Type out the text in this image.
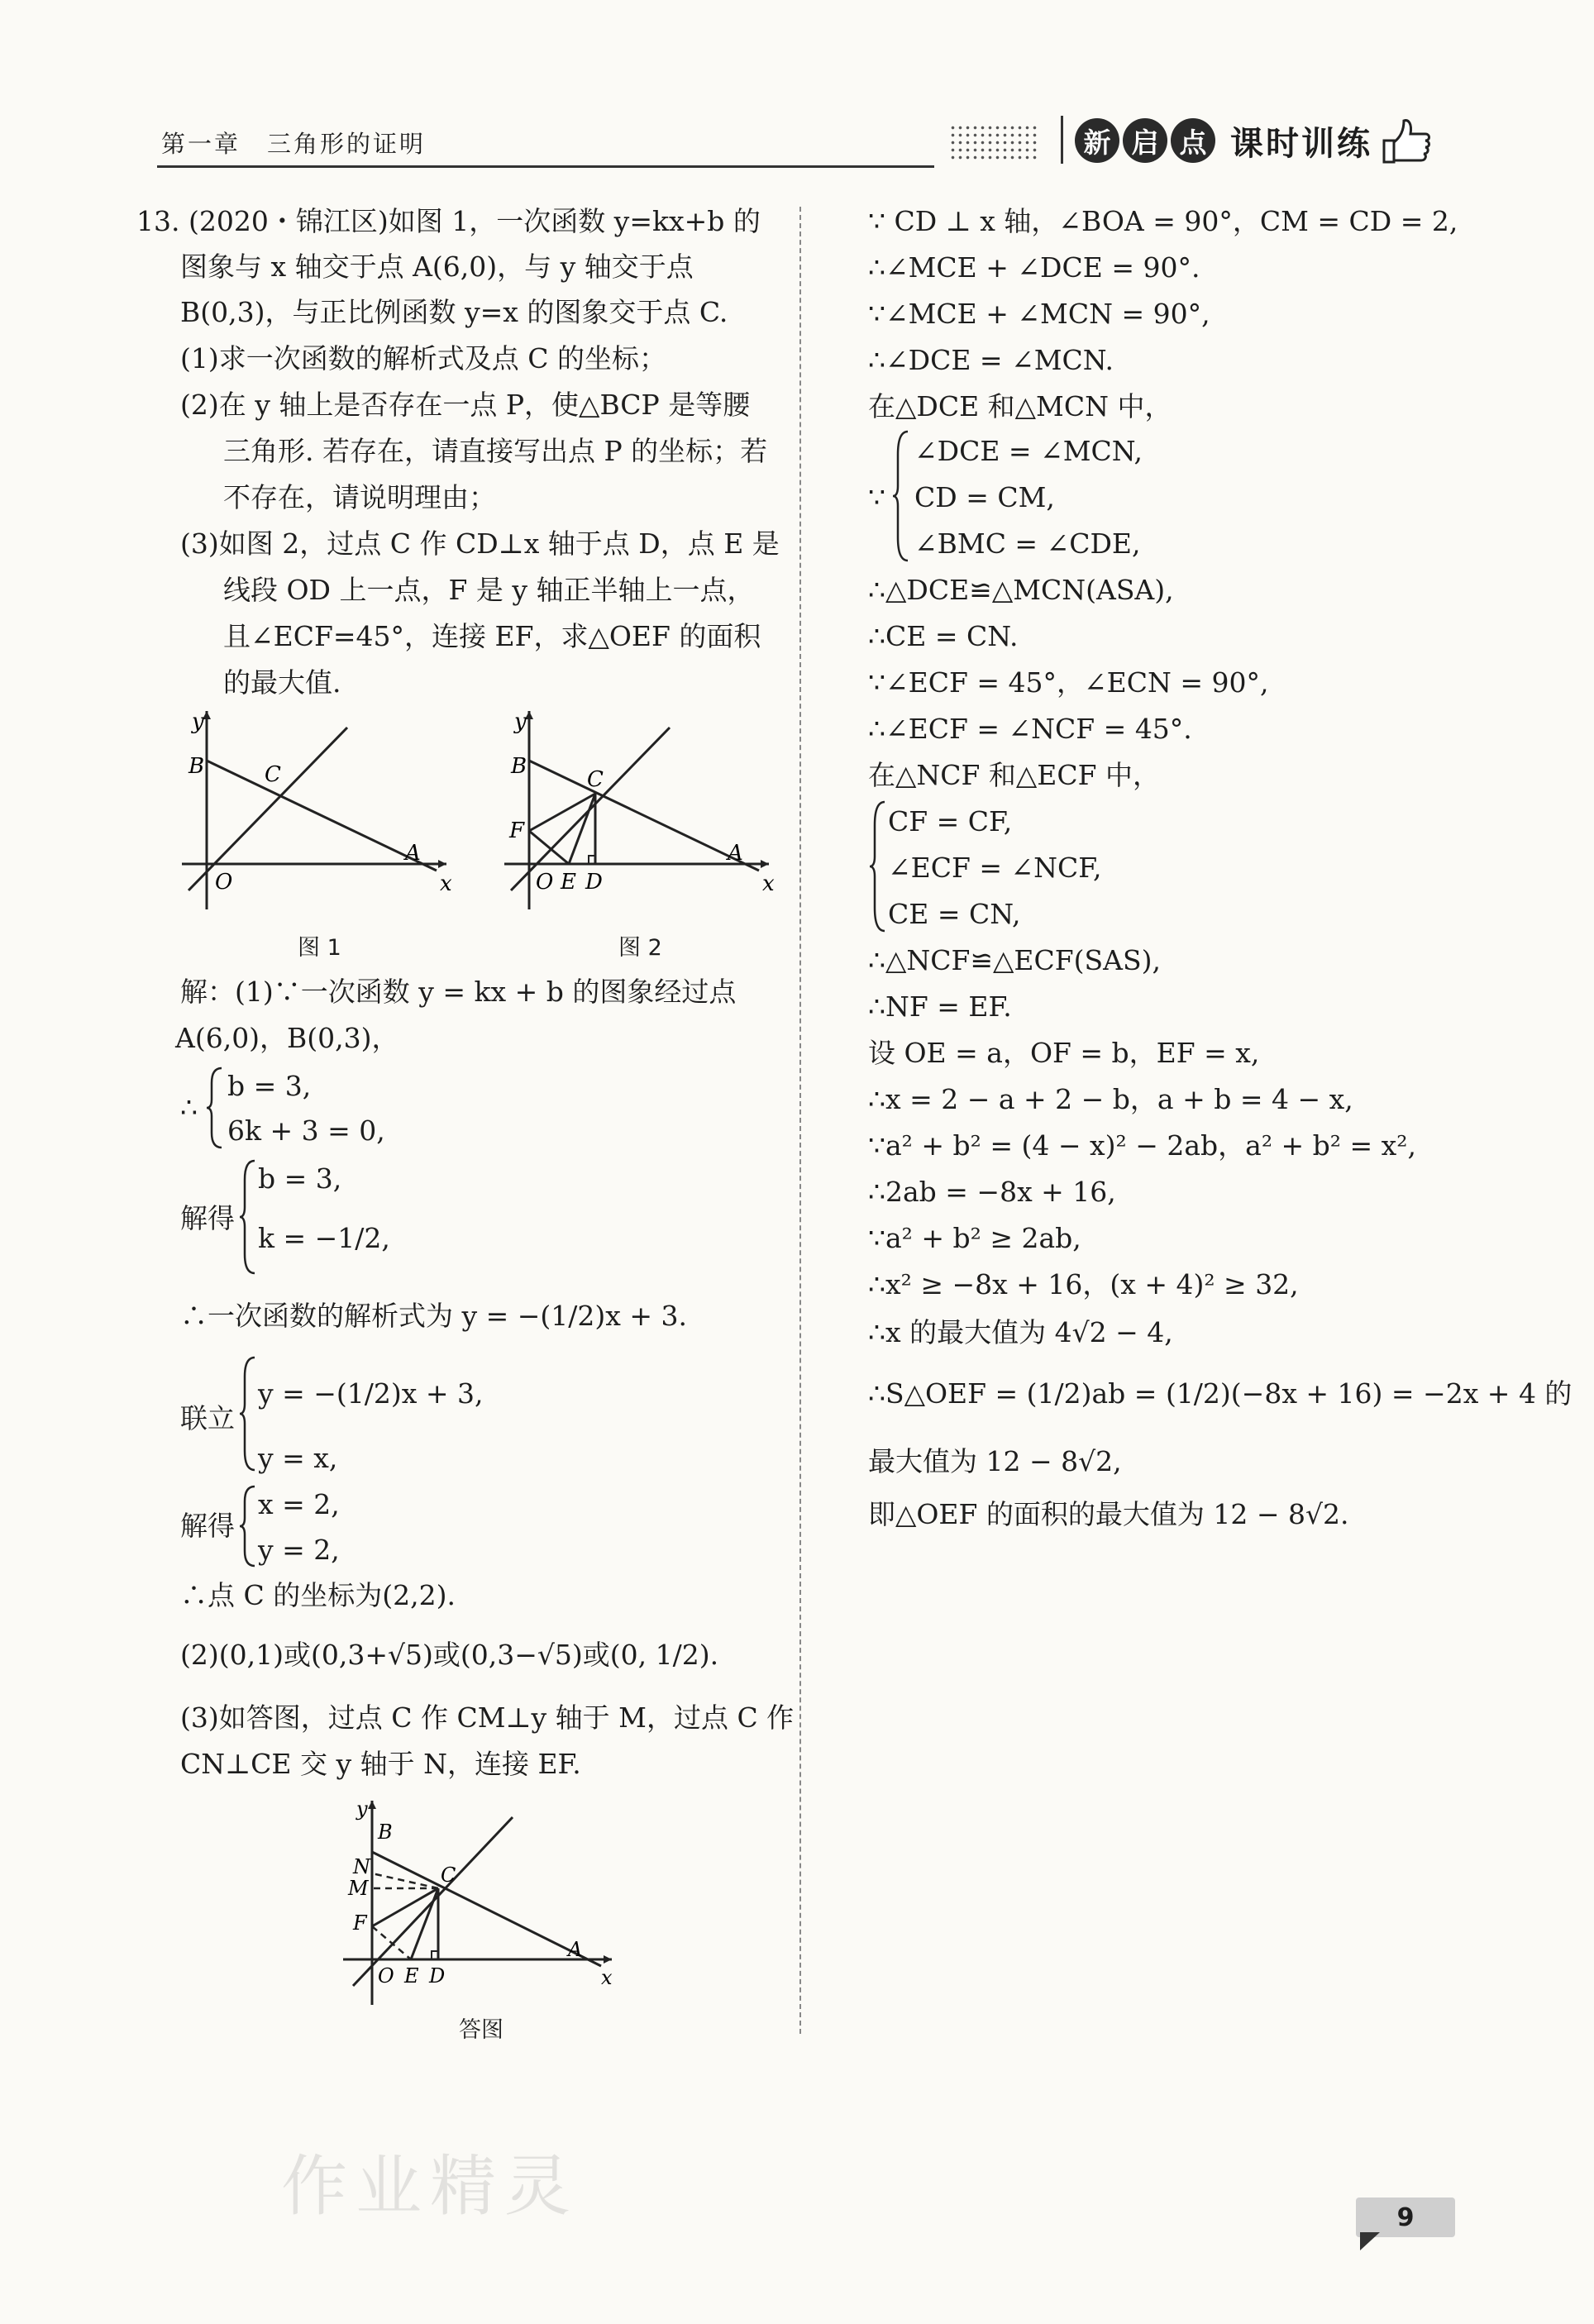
第一章　三角形的证明	新 启 点 课时训练
13. (2020・锦江区)如图 1，一次函数 y=kx+b 的
图象与 x 轴交于点 A(6,0)，与 y 轴交于点
B(0,3)，与正比例函数 y=x 的图象交于点 C.
(1)求一次函数的解析式及点 C 的坐标；
(2)在 y 轴上是否存在一点 P，使△BCP 是等腰
三角形. 若存在，请直接写出点 P 的坐标；若
不存在，请说明理由；
(3)如图 2，过点 C 作 CD⊥x 轴于点 D，点 E 是
线段 OD 上一点，F 是 y 轴正半轴上一点，
且∠ECF=45°，连接 EF，求△OEF 的面积
的最大值.
y
x
B	C
A
O
图 1
y
x
B
C
A
F
O E D
图 2
解：(1)∵一次函数 y = kx + b 的图象经过点
A(6,0)，B(0,3)，
∴
b = 3,
6k + 3 = 0,
解得
b = 3,
k = −1/2,
∴一次函数的解析式为 y = −(1/2)x + 3.
联立
y = −(1/2)x + 3,
y = x,
解得
x = 2,
y = 2,
∴点 C 的坐标为(2,2).
(2)(0,1)或(0,3+√5)或(0,3−√5)或(0, 1/2).
(3)如答图，过点 C 作 CM⊥y 轴于 M，过点 C 作
CN⊥CE 交 y 轴于 N，连接 EF.
y
x
B
N
M
C
F
A
O E D
答图
∵ CD ⊥ x 轴，∠BOA = 90°，CM = CD = 2,
∴∠MCE + ∠DCE = 90°.
∵∠MCE + ∠MCN = 90°,
∴∠DCE = ∠MCN.
在△DCE 和△MCN 中，
∵
∠DCE = ∠MCN,
CD = CM,
∠BMC = ∠CDE,
∴△DCE≌△MCN(ASA),
∴CE = CN.
∵∠ECF = 45°，∠ECN = 90°,
∴∠ECF = ∠NCF = 45°.
在△NCF 和△ECF 中，
CF = CF,
∠ECF = ∠NCF,
CE = CN,
∴△NCF≌△ECF(SAS),
∴NF = EF.
设 OE = a，OF = b，EF = x,
∴x = 2 − a + 2 − b，a + b = 4 − x,
∵a² + b² = (4 − x)² − 2ab，a² + b² = x²,
∴2ab = −8x + 16,
∵a² + b² ≥ 2ab,
∴x² ≥ −8x + 16，(x + 4)² ≥ 32,
∴x 的最大值为 4√2 − 4,
∴S△OEF = (1/2)ab = (1/2)(−8x + 16) = −2x + 4 的
最大值为 12 − 8√2,
即△OEF 的面积的最大值为 12 − 8√2.
作业精灵	9
